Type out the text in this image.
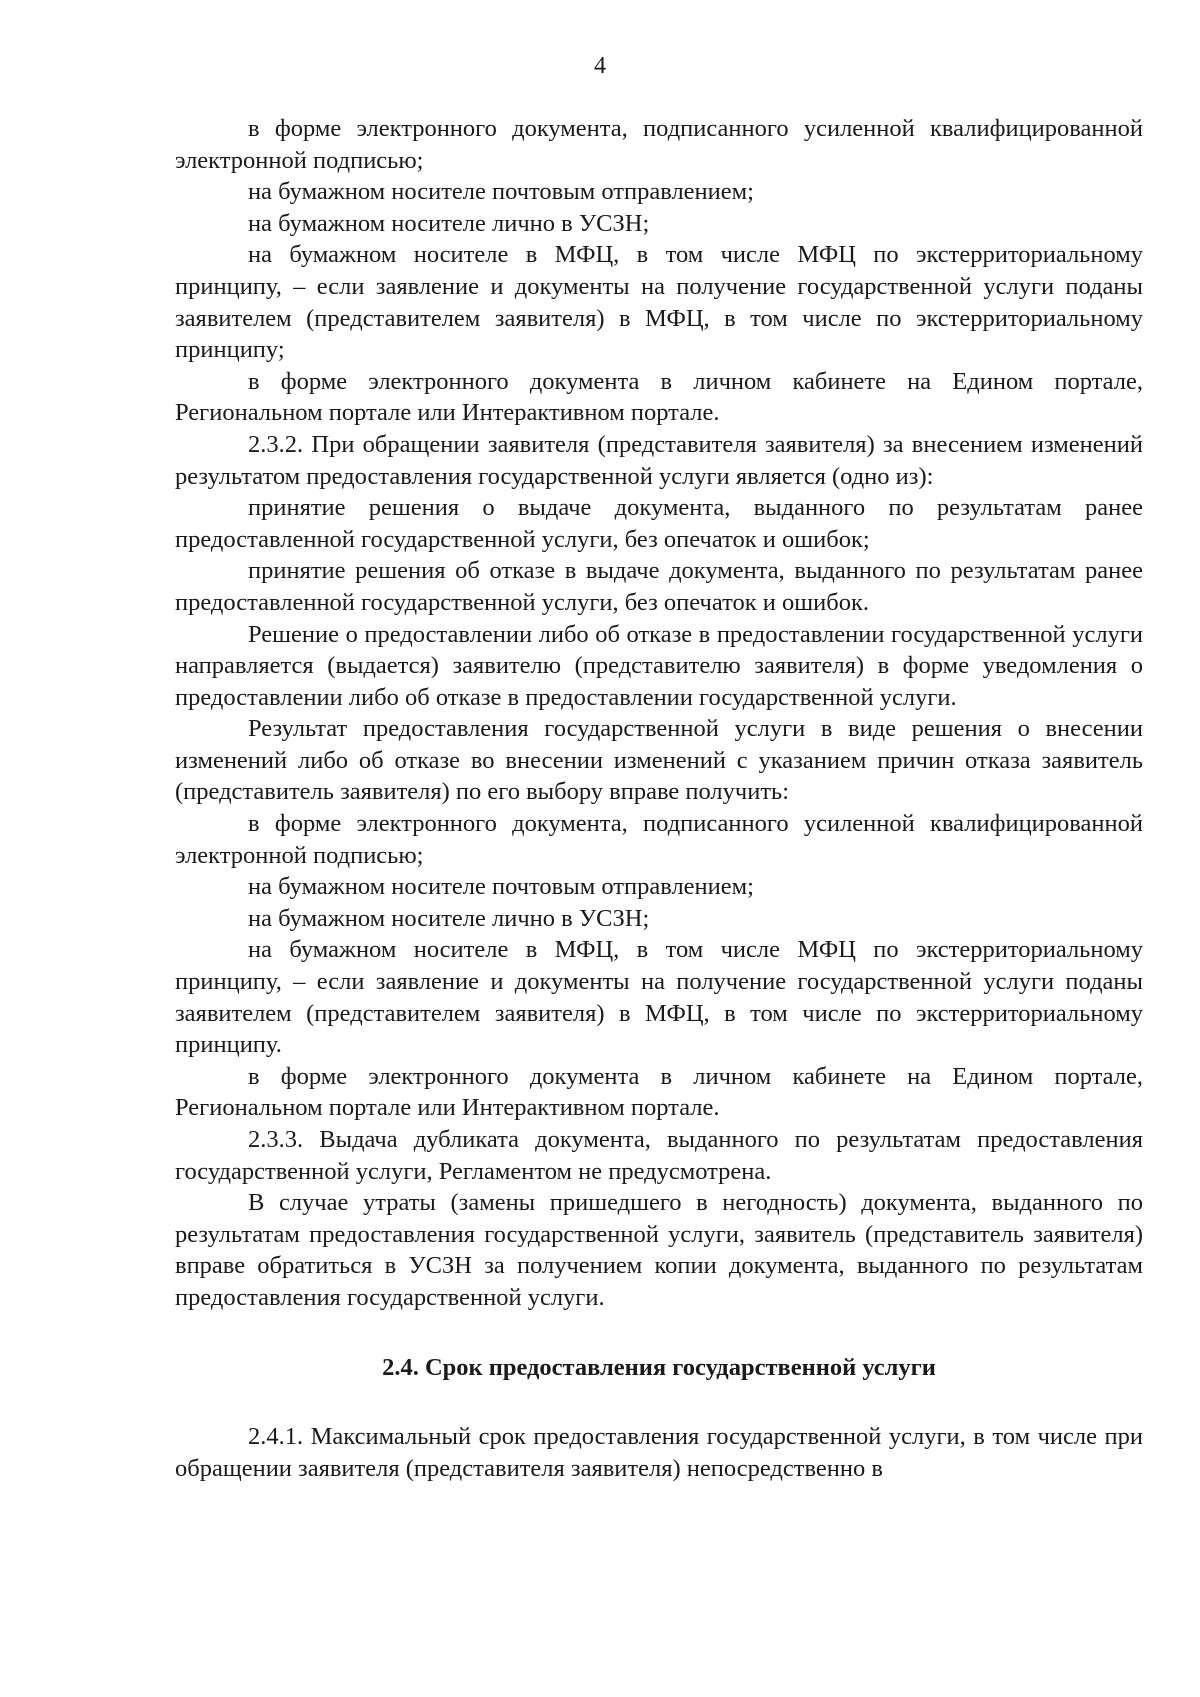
4

в форме электронного документа, подписанного усиленной квалифицированной электронной подписью;

на бумажном носителе почтовым отправлением;

на бумажном носителе лично в УСЗН;

на бумажном носителе в МФЦ, в том числе МФЦ по экстерриториальному принципу, – если заявление и документы на получение государственной услуги поданы заявителем (представителем заявителя) в МФЦ, в том числе по экстерриториальному принципу;

в форме электронного документа в личном кабинете на Едином портале, Региональном портале или Интерактивном портале.

2.3.2. При обращении заявителя (представителя заявителя) за внесением изменений результатом предоставления государственной услуги является (одно из):

принятие решения о выдаче документа, выданного по результатам ранее предоставленной государственной услуги, без опечаток и ошибок;

принятие решения об отказе в выдаче документа, выданного по результатам ранее предоставленной государственной услуги, без опечаток и ошибок.

Решение о предоставлении либо об отказе в предоставлении государственной услуги направляется (выдается) заявителю (представителю заявителя) в форме уведомления о предоставлении либо об отказе в предоставлении государственной услуги.

Результат предоставления государственной услуги в виде решения о внесении изменений либо об отказе во внесении изменений с указанием причин отказа заявитель (представитель заявителя) по его выбору вправе получить:

в форме электронного документа, подписанного усиленной квалифицированной электронной подписью;

на бумажном носителе почтовым отправлением;

на бумажном носителе лично в УСЗН;

на бумажном носителе в МФЦ, в том числе МФЦ по экстерриториальному принципу, – если заявление и документы на получение государственной услуги поданы заявителем (представителем заявителя) в МФЦ, в том числе по экстерриториальному принципу.

в форме электронного документа в личном кабинете на Едином портале, Региональном портале или Интерактивном портале.

2.3.3. Выдача дубликата документа, выданного по результатам предоставления государственной услуги, Регламентом не предусмотрена.

В случае утраты (замены пришедшего в негодность) документа, выданного по результатам предоставления государственной услуги, заявитель (представитель заявителя) вправе обратиться в УСЗН за получением копии документа, выданного по результатам предоставления государственной услуги.

2.4. Срок предоставления государственной услуги

2.4.1. Максимальный срок предоставления государственной услуги, в том числе при обращении заявителя (представителя заявителя) непосредственно в
